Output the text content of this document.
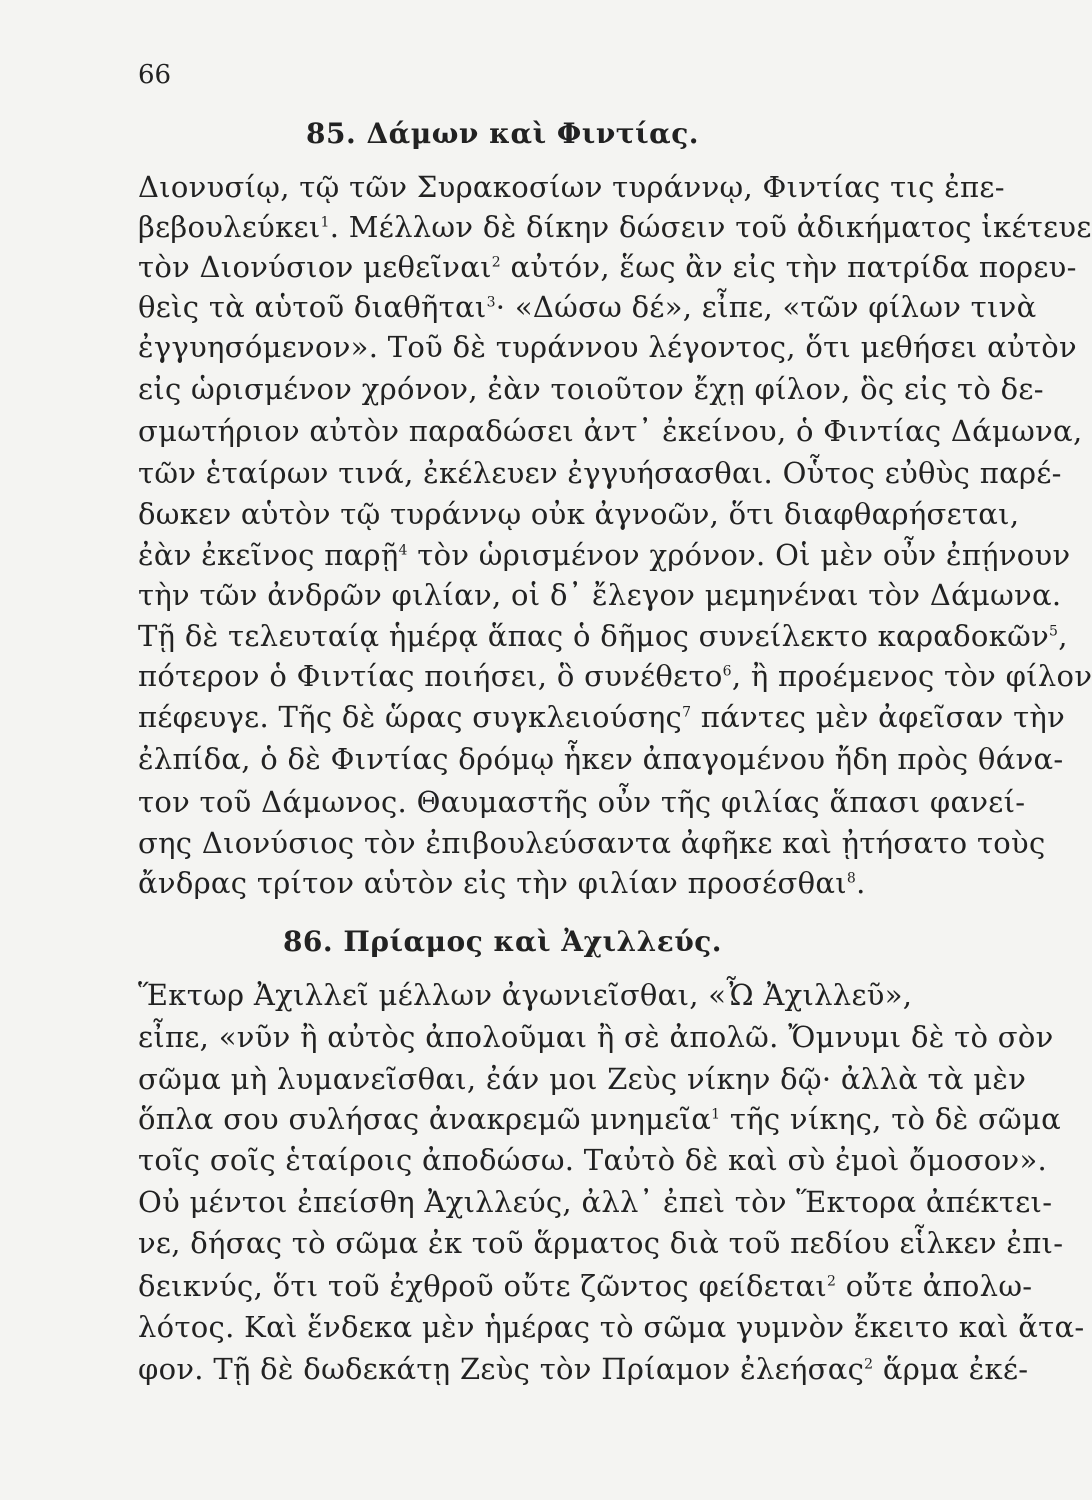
66
85. Δάμων καὶ Φιντίας.
Διονυσίῳ, τῷ τῶν Συρακοσίων τυράννῳ, Φιντίας τις ἐπε-
βεβουλεύκει$^1$. Μέλλων δὲ δίκην δώσειν τοῦ ἀδικήματος ἱκέτευε
τὸν Διονύσιον μεθεῖναι$^2$ αὐτόν, ἕως ἂν εἰς τὴν πατρίδα πορευ-
θεὶς τὰ αὑτοῦ διαθῆται$^3$· «Δώσω δέ», εἶπε, «τῶν φίλων τινὰ
ἐγγυησόμενον». Τοῦ δὲ τυράννου λέγοντος, ὅτι μεθήσει αὐτὸν
εἰς ὡρισμένον χρόνον, ἐὰν τοιοῦτον ἔχῃ φίλον, ὃς εἰς τὸ δε-
σμωτήριον αὐτὸν παραδώσει ἀντ᾿ ἐκείνου, ὁ Φιντίας Δάμωνα,
τῶν ἑταίρων τινά, ἐκέλευεν ἐγγυήσασθαι. Οὗτος εὐθὺς παρέ-
δωκεν αὑτὸν τῷ τυράννῳ οὐκ ἀγνοῶν, ὅτι διαφθαρήσεται,
ἐὰν ἐκεῖνος παρῇ$^4$ τὸν ὡρισμένον χρόνον. Οἱ μὲν οὖν ἐπῄνουν
τὴν τῶν ἀνδρῶν φιλίαν, οἱ δ᾿ ἔλεγον μεμηνέναι τὸν Δάμωνα.
Τῇ δὲ τελευταίᾳ ἡμέρᾳ ἅπας ὁ δῆμος συνείλεκτο καραδοκῶν$^5$,
πότερον ὁ Φιντίας ποιήσει, ὃ συνέθετο$^6$, ἢ προέμενος τὸν φίλον
πέφευγε. Τῆς δὲ ὥρας συγκλειούσης$^7$ πάντες μὲν ἀφεῖσαν τὴν
ἐλπίδα, ὁ δὲ Φιντίας δρόμῳ ἧκεν ἀπαγομένου ἤδη πρὸς θάνα-
τον τοῦ Δάμωνος. Θαυμαστῆς οὖν τῆς φιλίας ἅπασι φανεί-
σης Διονύσιος τὸν ἐπιβουλεύσαντα ἀφῆκε καὶ ᾐτήσατο τοὺς
ἄνδρας τρίτον αὑτὸν εἰς τὴν φιλίαν προσέσθαι$^8$.
86. Πρίαμος καὶ Ἀχιλλεύς.
Ἕκτωρ Ἀχιλλεῖ μέλλων ἀγωνιεῖσθαι, «Ὦ Ἀχιλλεῦ»,
εἶπε, «νῦν ἢ αὐτὸς ἀπολοῦμαι ἢ σὲ ἀπολῶ. Ὄμνυμι δὲ τὸ σὸν
σῶμα μὴ λυμανεῖσθαι, ἐάν μοι Ζεὺς νίκην δῷ· ἀλλὰ τὰ μὲν
ὅπλα σου συλήσας ἀνακρεμῶ μνημεῖα$^1$ τῆς νίκης, τὸ δὲ σῶμα
τοῖς σοῖς ἑταίροις ἀποδώσω. Ταὐτὸ δὲ καὶ σὺ ἐμοὶ ὄμοσον».
Οὐ μέντοι ἐπείσθη Ἀχιλλεύς, ἀλλ᾿ ἐπεὶ τὸν Ἕκτορα ἀπέκτει-
νε, δήσας τὸ σῶμα ἐκ τοῦ ἅρματος διὰ τοῦ πεδίου εἷλκεν ἐπι-
δεικνύς, ὅτι τοῦ ἐχθροῦ οὔτε ζῶντος φείδεται$^2$ οὔτε ἀπολω-
λότος. Καὶ ἕνδεκα μὲν ἡμέρας τὸ σῶμα γυμνὸν ἔκειτο καὶ ἄτα-
φον. Τῇ δὲ δωδεκάτῃ Ζεὺς τὸν Πρίαμον ἐλεήσας$^2$ ἅρμα ἐκέ-
